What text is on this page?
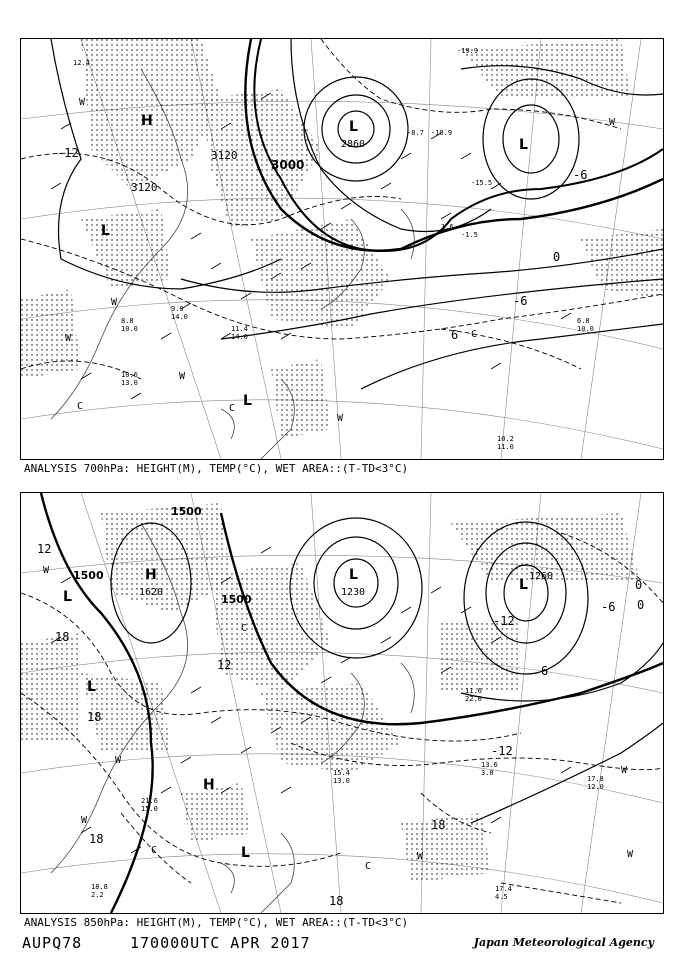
H	L
2860	L
L
L
3120
3000
3120
-12
-6
0
-6
6
10.2
11.0
10.6
13.0
6.8
10.0
9.0
14.0
11.4
14.0
8.8
10.0
12.4
-19.9
-15.5
-8.7 -10.9
1.6
-1.5
W
W
W
C	C
W
C
W
W
ANALYSIS 700hPa: HEIGHT(M), TEMP(°C), WET AREA::(T-TD<3°C)
H
1620
L
1230	L
1260
L
L
L
H
1500
1500
1500
-12
-6 0
6
12
18
18
18
18
-12
12
0
18
15.4
13.0
13.6
3.0
17.8
12.0
17.4
4.5
18.8
2.2
21.6
15.0
11.6
22.0
W
W
W
W
C
C	W
C
W
ANALYSIS 850hPa: HEIGHT(M), TEMP(°C), WET AREA::(T-TD<3°C)
AUPQ78	170000UTC APR 2017	Japan Meteorological Agency
